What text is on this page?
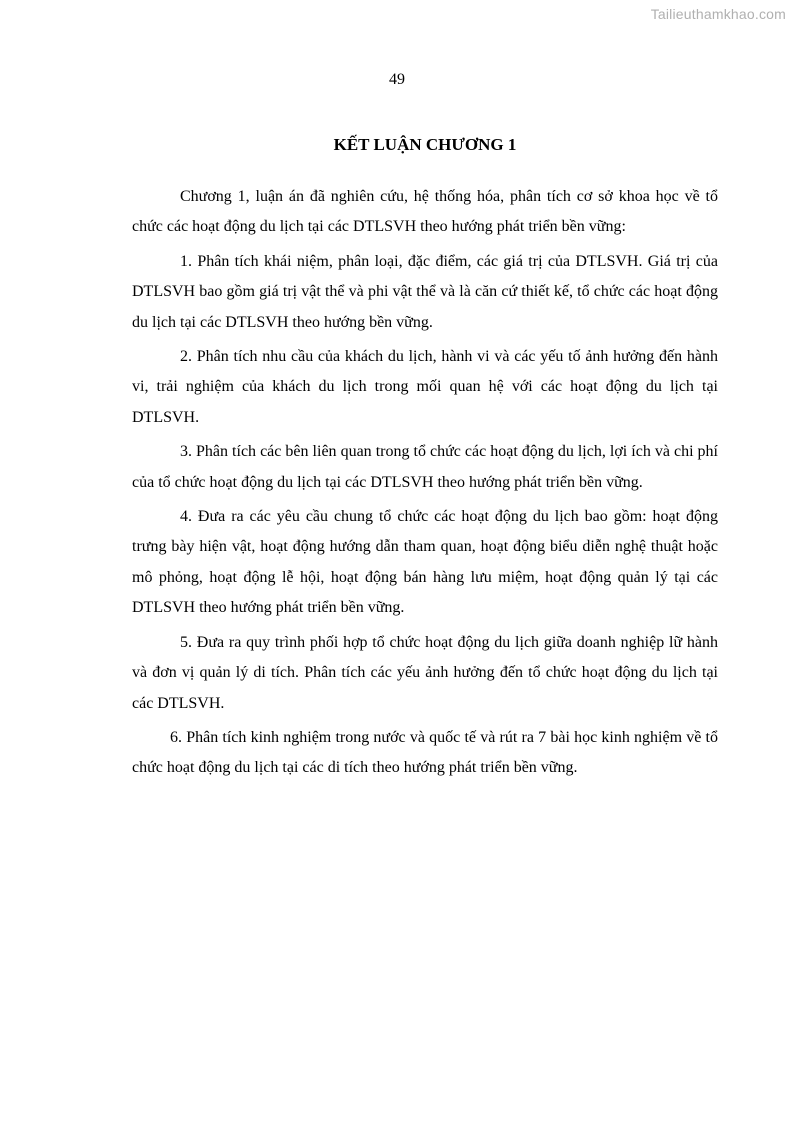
Tailieuthamkhao.com
49
KẾT LUẬN CHƯƠNG 1

Chương 1, luận án đã nghiên cứu, hệ thống hóa, phân tích cơ sở khoa học về tổ chức các hoạt động du lịch tại các DTLSVH theo hướng phát triển bền vững:

1. Phân tích khái niệm, phân loại, đặc điểm, các giá trị của DTLSVH. Giá trị của DTLSVH bao gồm giá trị vật thể và phi vật thể và là căn cứ thiết kế, tổ chức các hoạt động du lịch tại các DTLSVH theo hướng bền vững.

2. Phân tích nhu cầu của khách du lịch, hành vi và các yếu tố ảnh hưởng đến hành vi, trải nghiệm của khách du lịch trong mối quan hệ với các hoạt động du lịch tại DTLSVH.

3. Phân tích các bên liên quan trong tổ chức các hoạt động du lịch, lợi ích và chi phí của tổ chức hoạt động du lịch tại các DTLSVH theo hướng phát triển bền vững.

4. Đưa ra các yêu cầu chung tổ chức các hoạt động du lịch bao gồm: hoạt động trưng bày hiện vật, hoạt động hướng dẫn tham quan, hoạt động biểu diễn nghệ thuật hoặc mô phỏng, hoạt động lễ hội, hoạt động bán hàng lưu miệm, hoạt động quản lý tại các DTLSVH theo hướng phát triển bền vững.

5. Đưa ra quy trình phối hợp tổ chức hoạt động du lịch giữa doanh nghiệp lữ hành và đơn vị quản lý di tích. Phân tích các yếu ảnh hưởng đến tổ chức hoạt động du lịch tại các DTLSVH.

6. Phân tích kinh nghiệm trong nước và quốc tế và rút ra 7 bài học kinh nghiệm về tổ chức hoạt động du lịch tại các di tích theo hướng phát triển bền vững.
